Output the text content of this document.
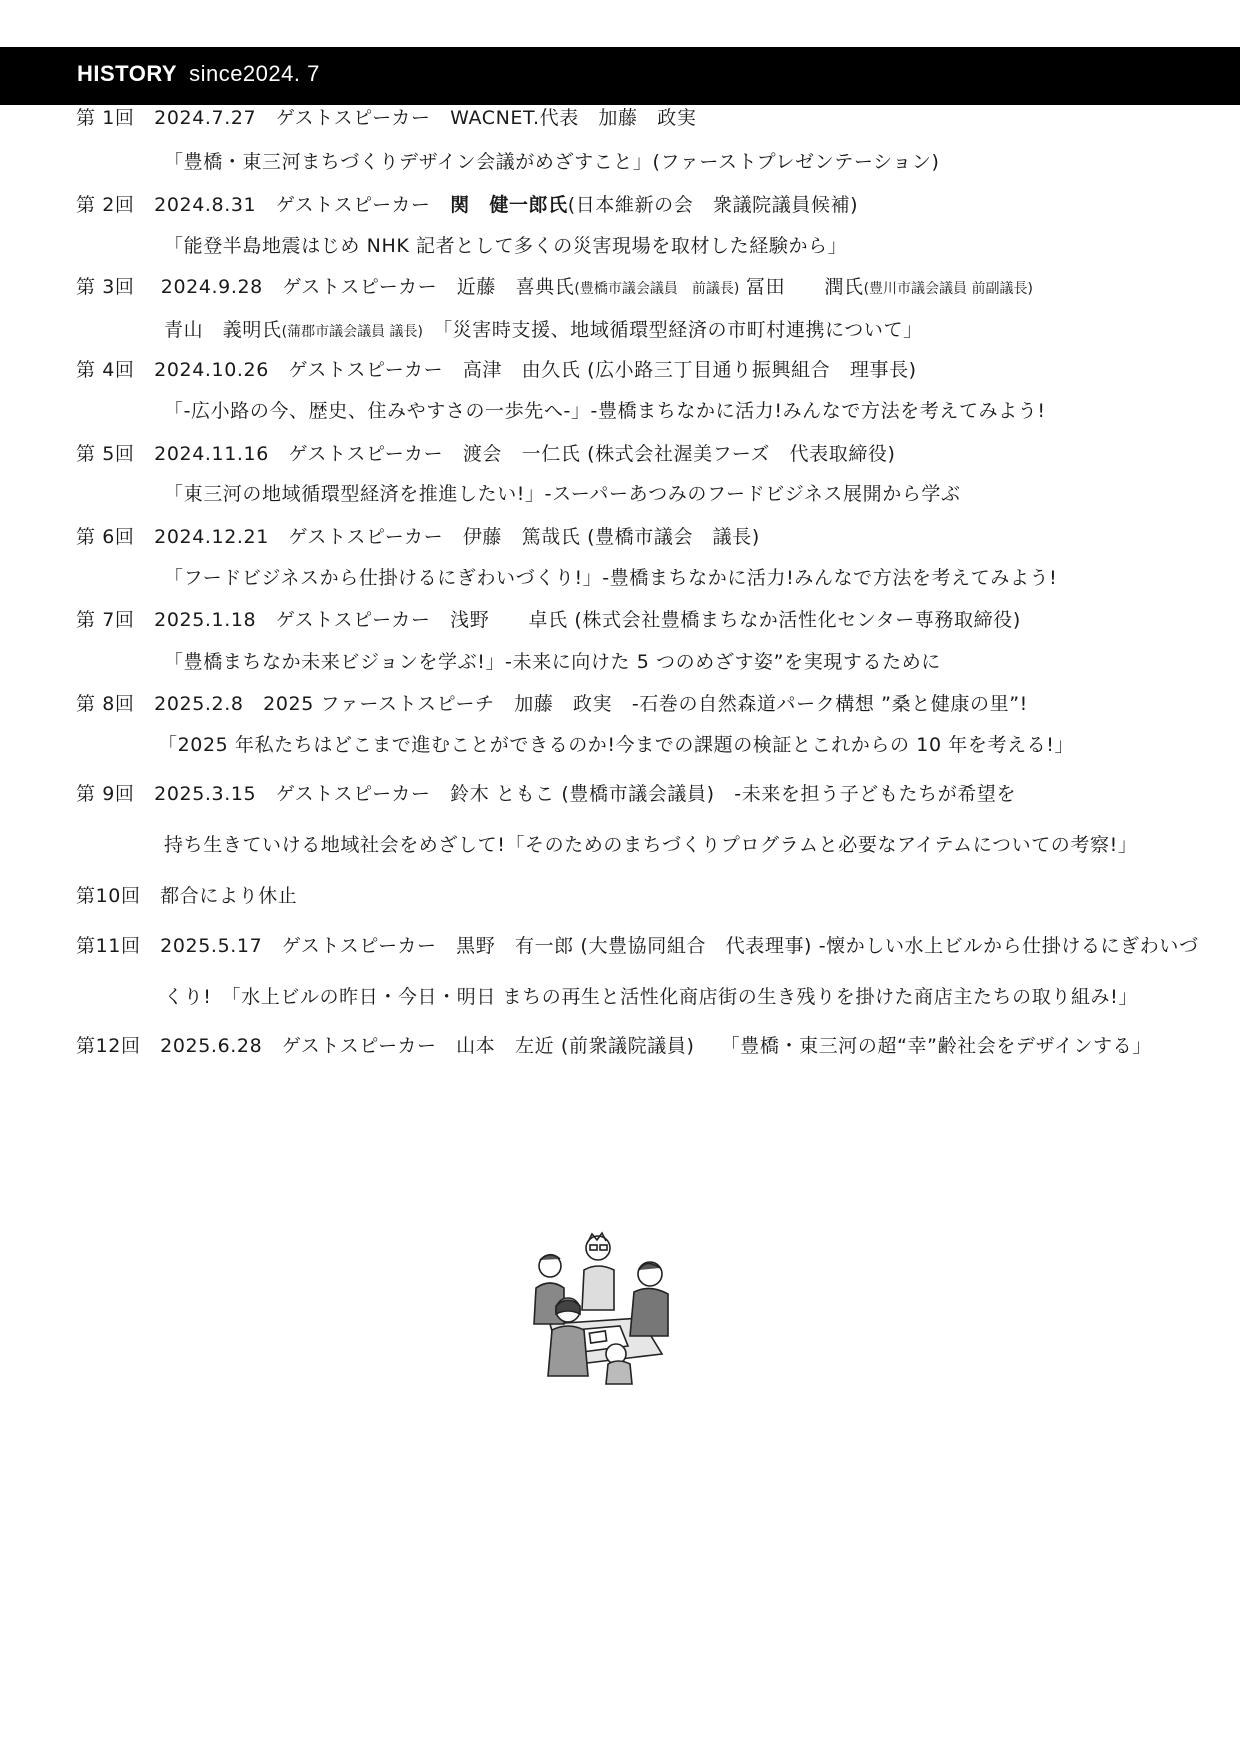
HISTORY since2024. 7
第 1回　2024.7.27　ゲストスピーカー　WACNET.代表　加藤　政実
「豊橋・東三河まちづくりデザイン会議がめざすこと」(ファーストプレゼンテーション)
第 2回　2024.8.31　ゲストスピーカー　関　健一郎氏(日本維新の会　衆議院議員候補)
「能登半島地震はじめ NHK 記者として多くの災害現場を取材した経験から」
第 3回　 2024.9.28　ゲストスピーカー　近藤　喜典氏(豊橋市議会議員　前議長) 冨田　　潤氏(豊川市議会議員 前副議長)
青山　義明氏(蒲郡市議会議員 議長)　「災害時支援、地域循環型経済の市町村連携について」
第 4回　2024.10.26　ゲストスピーカー　高津　由久氏 (広小路三丁目通り振興組合　理事長)
「-広小路の今、歴史、住みやすさの一歩先へ-」-豊橋まちなかに活力!みんなで方法を考えてみよう!
第 5回　2024.11.16　ゲストスピーカー　渡会　一仁氏 (株式会社渥美フーズ　代表取締役)
「東三河の地域循環型経済を推進したい!」-スーパーあつみのフードビジネス展開から学ぶ
第 6回　2024.12.21　ゲストスピーカー　伊藤　篤哉氏 (豊橋市議会　議長)
「フードビジネスから仕掛けるにぎわいづくり!」-豊橋まちなかに活力!みんなで方法を考えてみよう!
第 7回　2025.1.18　ゲストスピーカー　浅野　　卓氏 (株式会社豊橋まちなか活性化センター専務取締役)
「豊橋まちなか未来ビジョンを学ぶ!」-未来に向けた 5 つのめざす姿”を実現するために
第 8回　2025.2.8　2025 ファーストスピーチ　加藤　政実　-石巻の自然森道パーク構想 ”桑と健康の里”!
「2025 年私たちはどこまで進むことができるのか!今までの課題の検証とこれからの 10 年を考える!」
第 9回　2025.3.15　ゲストスピーカー　鈴木 ともこ (豊橋市議会議員)　-未来を担う子どもたちが希望を
持ち生きていける地域社会をめざして!「そのためのまちづくりプログラムと必要なアイテムについての考察!」
第10回　都合により休止
第11回　2025.5.17　ゲストスピーカー　黒野　有一郎 (大豊協同組合　代表理事) -懐かしい水上ビルから仕掛けるにぎわいづ
くり!　「水上ビルの昨日・今日・明日 まちの再生と活性化商店街の生き残りを掛けた商店主たちの取り組み!」
第12回　2025.6.28　ゲストスピーカー　山本　左近 (前衆議院議員)　 「豊橋・東三河の超“幸”齢社会をデザインする」
